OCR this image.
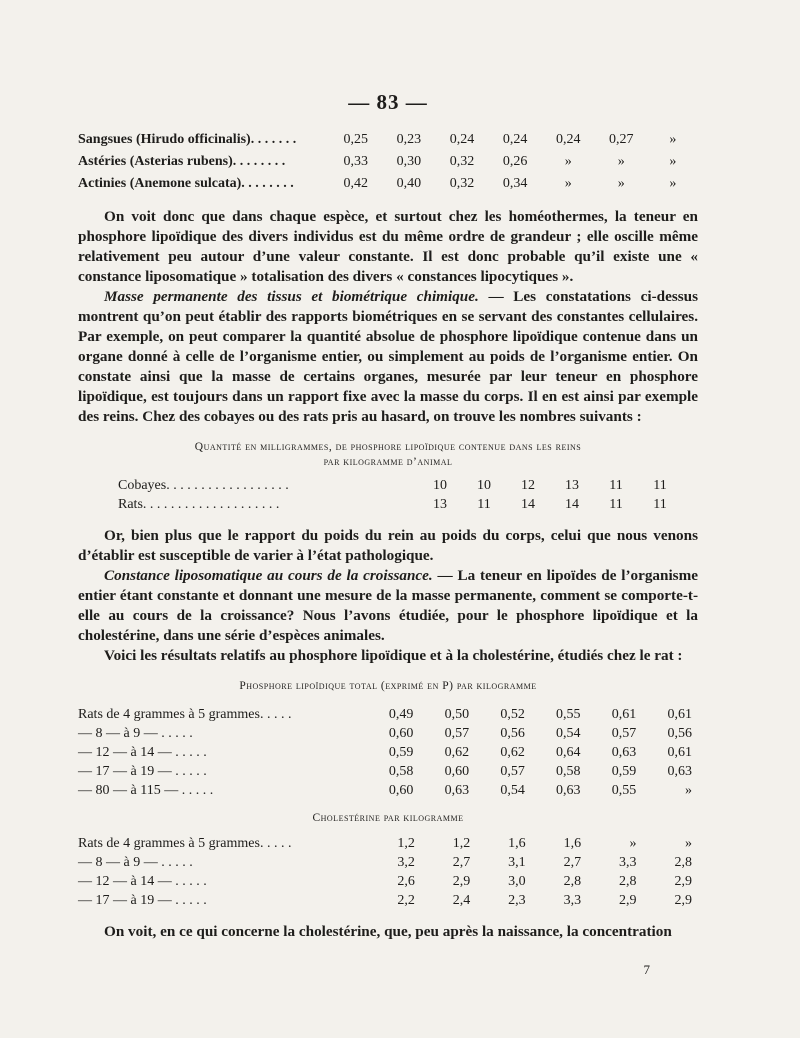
— 83 —
Sangsues (Hirudo officinalis). . . . . . .	0,25	0,23	0,24	0,24	0,24	0,27	»
Astéries (Asterias rubens). . . . . . . .	0,33	0,30	0,32	0,26	»	»	»
Actinies (Anemone sulcata). . . . . . . .	0,42	0,40	0,32	0,34	»	»	»

On voit donc que dans chaque espèce, et surtout chez les homéothermes, la teneur en phosphore lipoïdique des divers individus est du même ordre de grandeur ; elle oscille même relativement peu autour d’une valeur constante. Il est donc probable qu’il existe une « constance liposomatique » totalisation des divers « constances lipocytiques ».

Masse permanente des tissus et biométrique chimique. — Les constatations ci-dessus montrent qu’on peut établir des rapports biométriques en se servant des constantes cellulaires. Par exemple, on peut comparer la quantité absolue de phosphore lipoïdique contenue dans un organe donné à celle de l’organisme entier, ou simplement au poids de l’organisme entier. On constate ainsi que la masse de certains organes, mesurée par leur teneur en phosphore lipoïdique, est toujours dans un rapport fixe avec la masse du corps. Il en est ainsi par exemple des reins. Chez des cobayes ou des rats pris au hasard, on trouve les nombres suivants :

Quantité en milligrammes, de phosphore lipoïdique contenue dans les reins
par kilogramme d’animal
Cobayes. . . . . . . . . . . . . . . . . .	10	10	12	13	11	11
Rats. . . . . . . . . . . . . . . . . . . .	13	11	14	14	11	11

Or, bien plus que le rapport du poids du rein au poids du corps, celui que nous venons d’établir est susceptible de varier à l’état pathologique.

Constance liposomatique au cours de la croissance. — La teneur en lipoïdes de l’organisme entier étant constante et donnant une mesure de la masse permanente, comment se comporte-t-elle au cours de la croissance? Nous l’avons étudiée, pour le phosphore lipoïdique et la cholestérine, dans une série d’espèces animales.

Voici les résultats relatifs au phosphore lipoïdique et à la cholestérine, étudiés chez le rat :

Phosphore lipoïdique total (exprimé en P) par kilogramme
Rats de 4 grammes à 5 grammes. . . . .	0,49	0,50	0,52	0,55	0,61	0,61
— 8 — à 9 — . . . . .	0,60	0,57	0,56	0,54	0,57	0,56
— 12 — à 14 — . . . . .	0,59	0,62	0,62	0,64	0,63	0,61
— 17 — à 19 — . . . . .	0,58	0,60	0,57	0,58	0,59	0,63
— 80 — à 115 — . . . . .	0,60	0,63	0,54	0,63	0,55	»
Cholestérine par kilogramme
Rats de 4 grammes à 5 grammes. . . . .	1,2	1,2	1,6	1,6	»	»
— 8 — à 9 — . . . . .	3,2	2,7	3,1	2,7	3,3	2,8
— 12 — à 14 — . . . . .	2,6	2,9	3,0	2,8	2,8	2,9
— 17 — à 19 — . . . . .	2,2	2,4	2,3	3,3	2,9	2,9

On voit, en ce qui concerne la cholestérine, que, peu après la naissance, la concentration

7
